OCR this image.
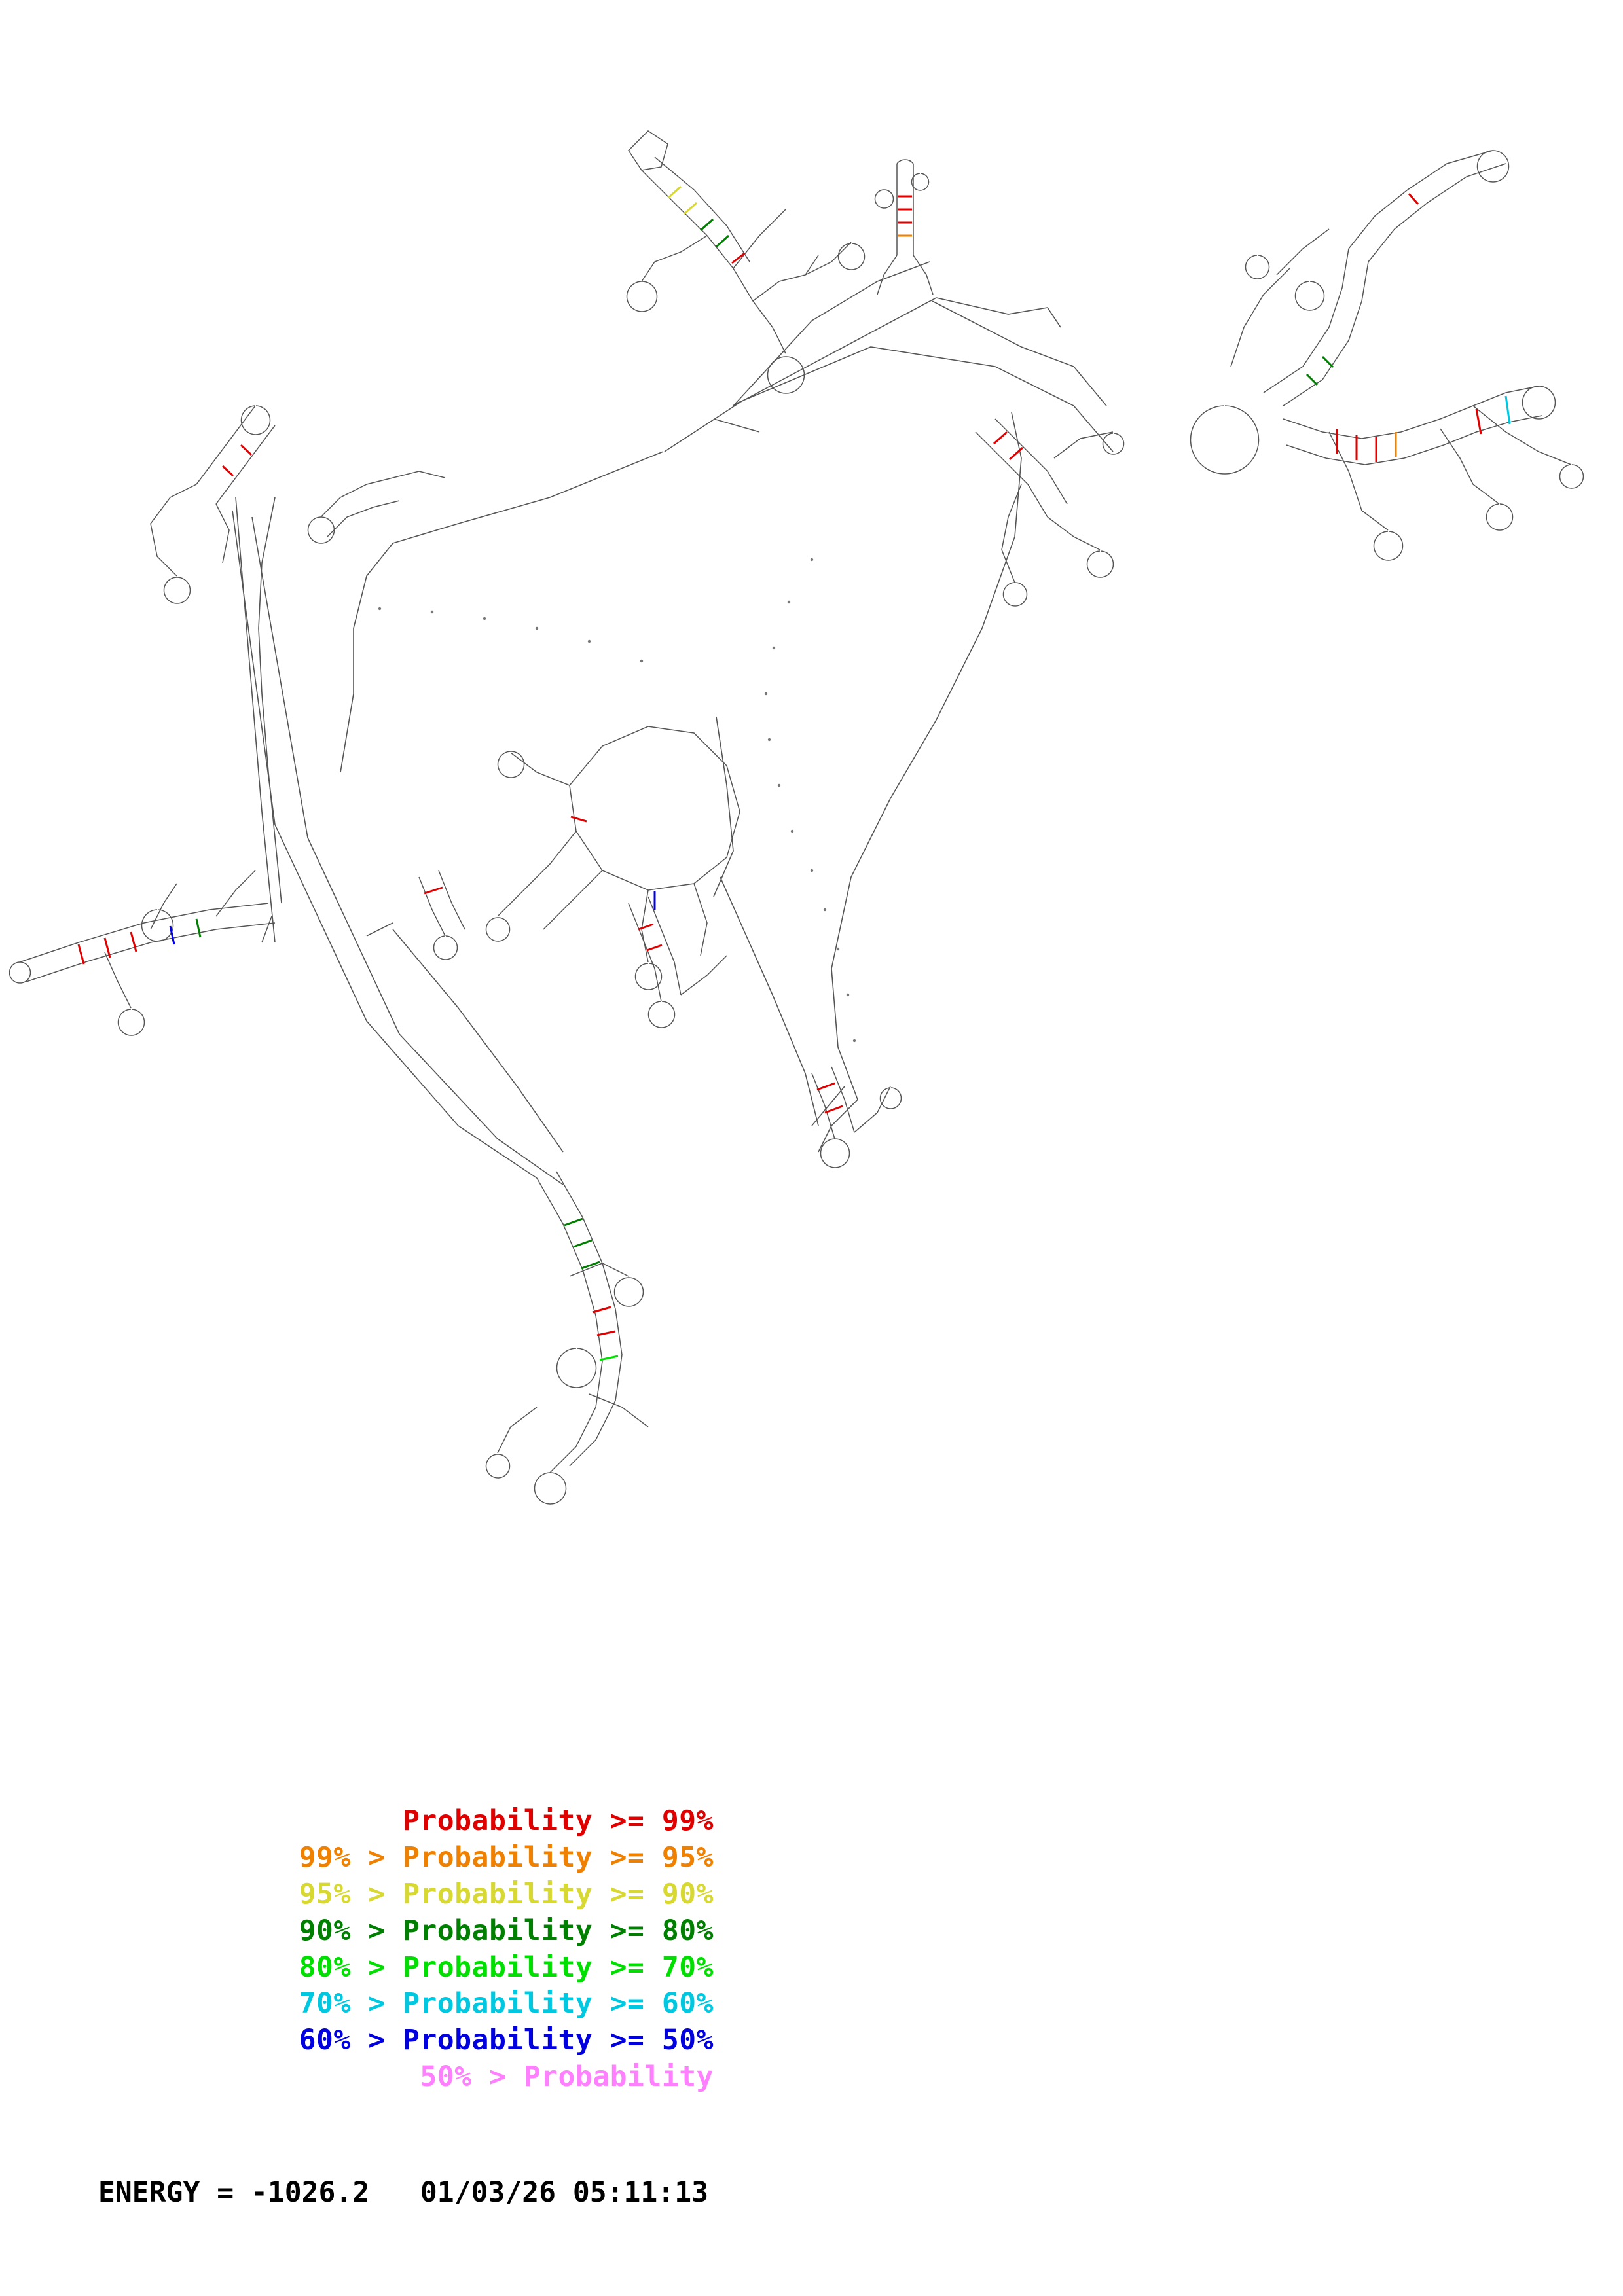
Probability >= 99%
99% > Probability >= 95%
95% > Probability >= 90%
90% > Probability >= 80%
80% > Probability >= 70%
70% > Probability >= 60%
60% > Probability >= 50%
50% > Probability
ENERGY = -1026.2   01/03/26 05:11:13
